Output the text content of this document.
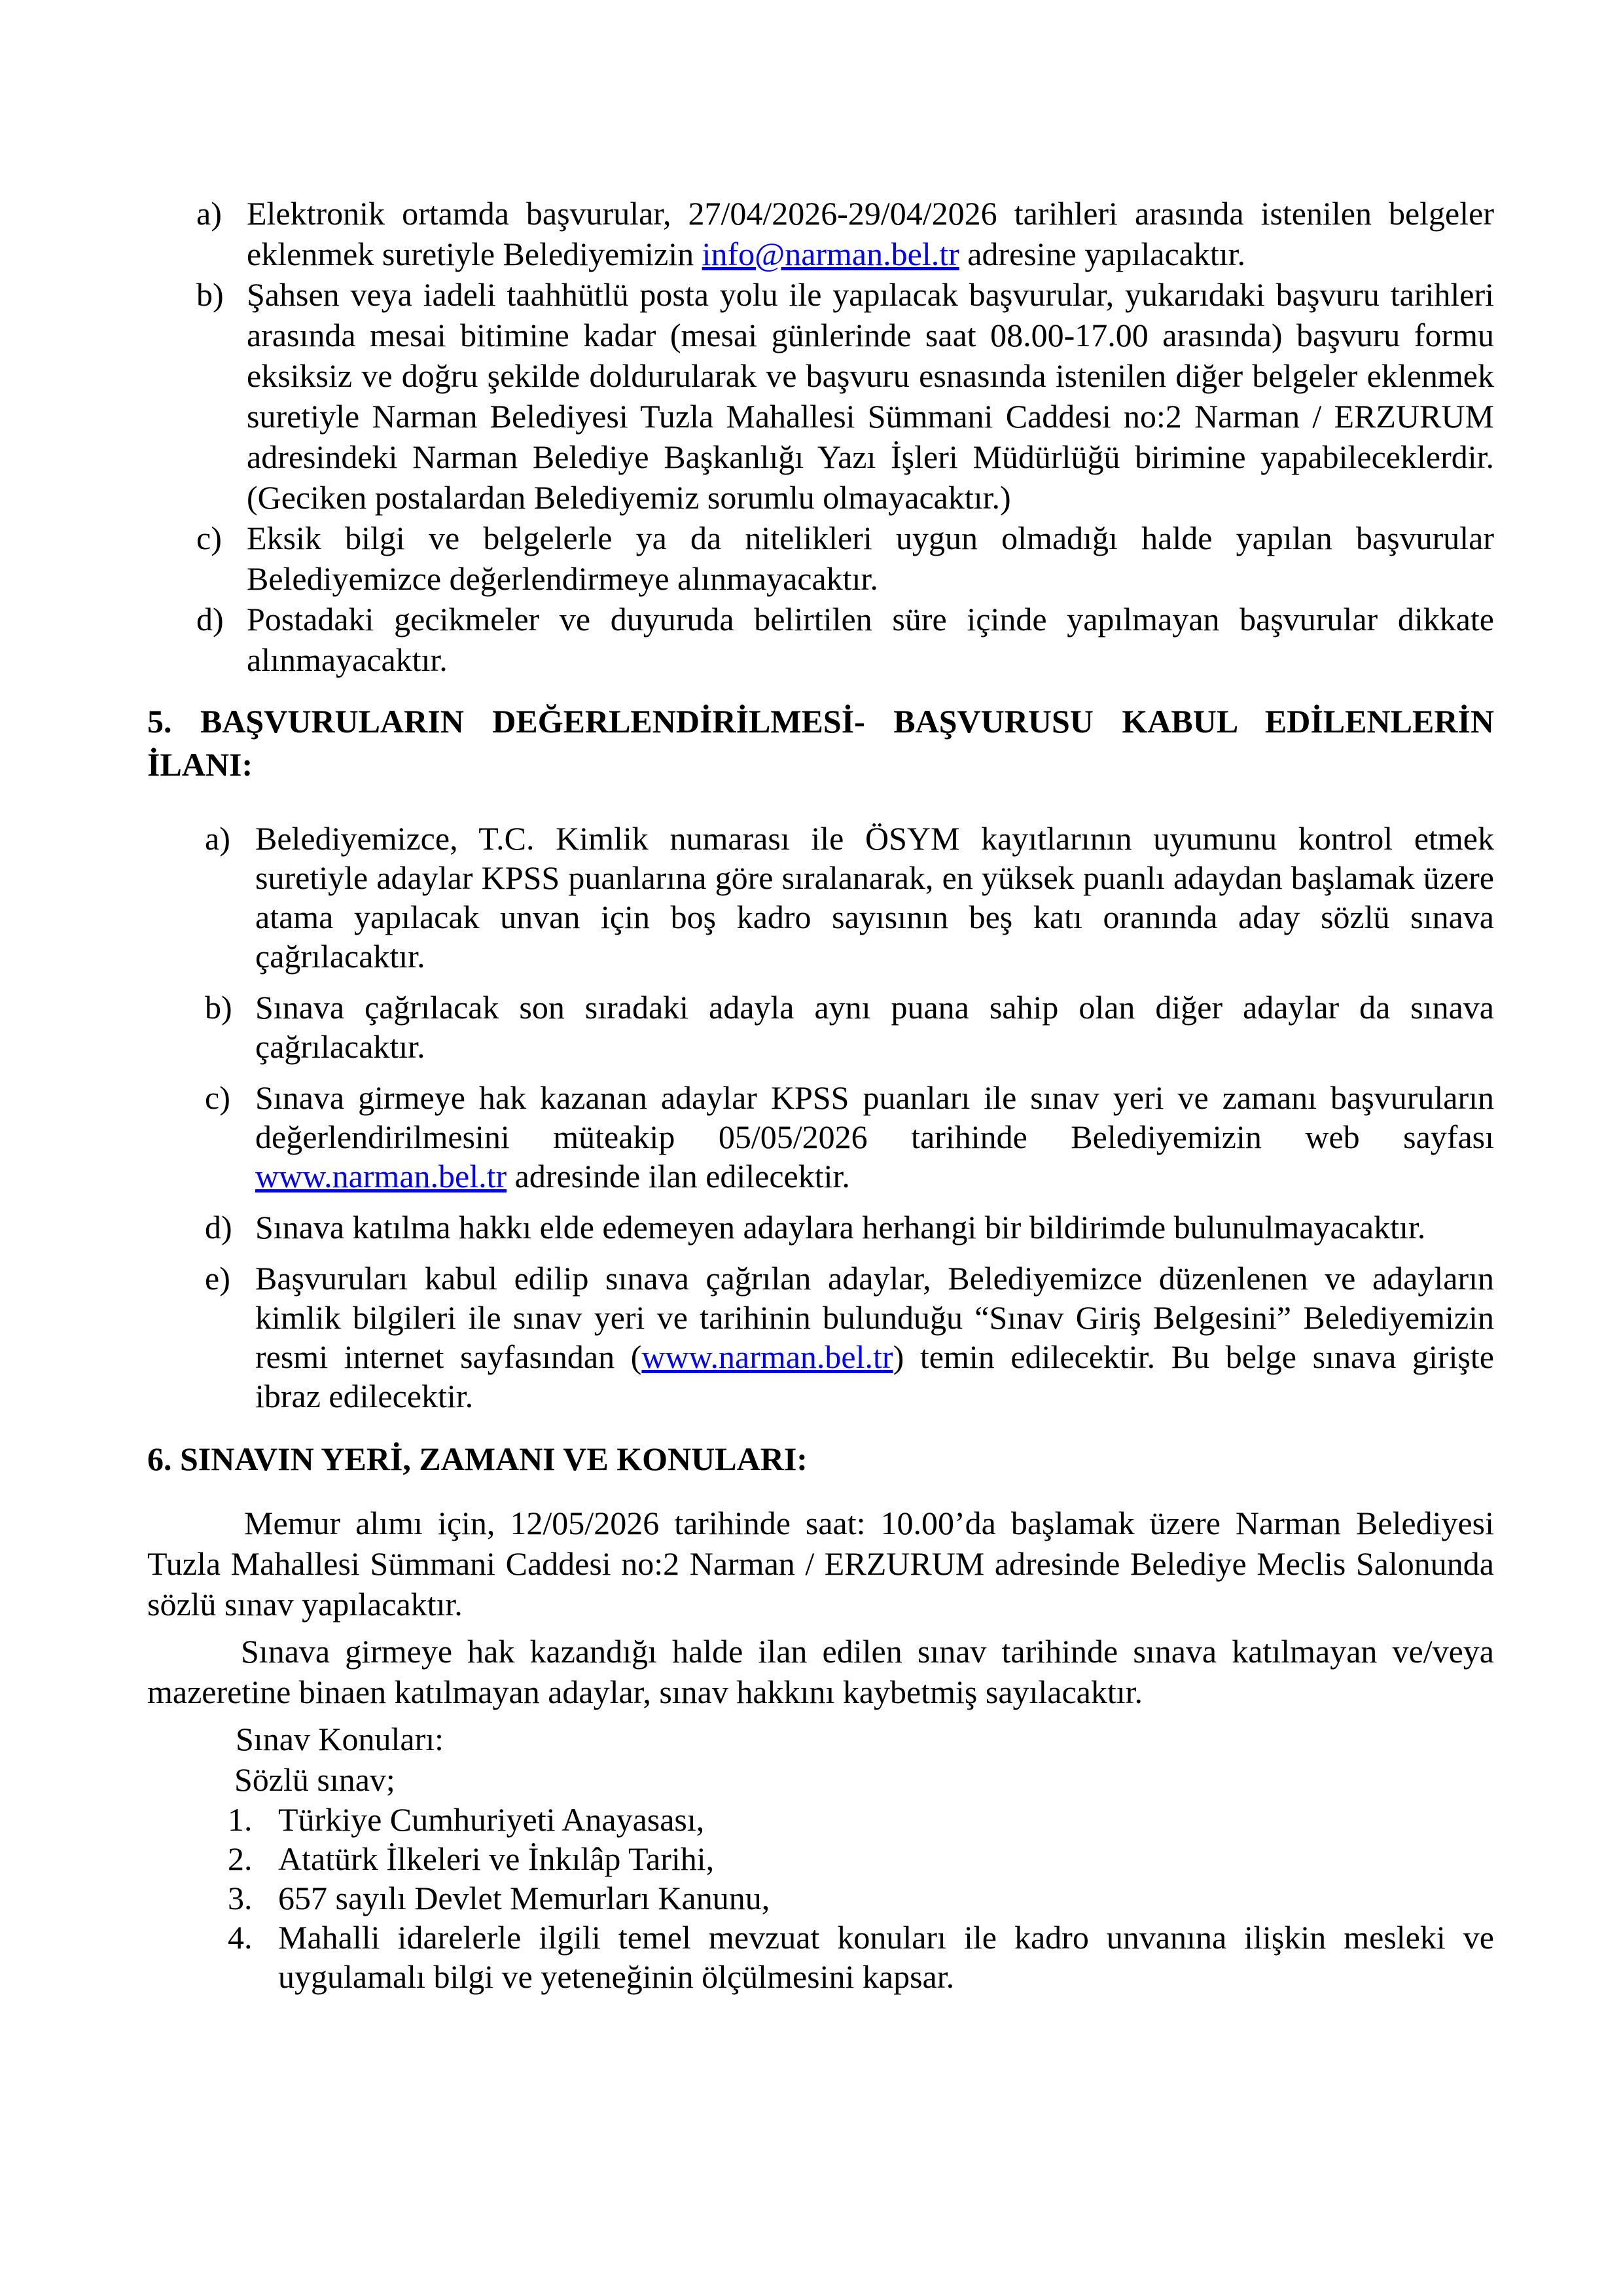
a) Elektronik ortamda başvurular, 27/04/2026-29/04/2026 tarihleri arasında istenilen belgeler eklenmek suretiyle Belediyemizin info@narman.bel.tr adresine yapılacaktır.
b) Şahsen veya iadeli taahhütlü posta yolu ile yapılacak başvurular, yukarıdaki başvuru tarihleri arasında mesai bitimine kadar (mesai günlerinde saat 08.00-17.00 arasında) başvuru formu eksiksiz ve doğru şekilde doldurularak ve başvuru esnasında istenilen diğer belgeler eklenmek suretiyle Narman Belediyesi Tuzla Mahallesi Sümmani Caddesi no:2 Narman / ERZURUM adresindeki Narman Belediye Başkanlığı Yazı İşleri Müdürlüğü birimine yapabileceklerdir. (Geciken postalardan Belediyemiz sorumlu olmayacaktır.)
c) Eksik bilgi ve belgelerle ya da nitelikleri uygun olmadığı halde yapılan başvurular Belediyemizce değerlendirmeye alınmayacaktır.
d) Postadaki gecikmeler ve duyuruda belirtilen süre içinde yapılmayan başvurular dikkate alınmayacaktır.
5. BAŞVURULARIN DEĞERLENDİRİLMESİ- BAŞVURUSU KABUL EDİLENLERİN İLANI:
a) Belediyemizce, T.C. Kimlik numarası ile ÖSYM kayıtlarının uyumunu kontrol etmek suretiyle adaylar KPSS puanlarına göre sıralanarak, en yüksek puanlı adaydan başlamak üzere atama yapılacak unvan için boş kadro sayısının beş katı oranında aday sözlü sınava çağrılacaktır.
b) Sınava çağrılacak son sıradaki adayla aynı puana sahip olan diğer adaylar da sınava çağrılacaktır.
c) Sınava girmeye hak kazanan adaylar KPSS puanları ile sınav yeri ve zamanı başvuruların değerlendirilmesini müteakip 05/05/2026 tarihinde Belediyemizin web sayfası www.narman.bel.tr adresinde ilan edilecektir.
d) Sınava katılma hakkı elde edemeyen adaylara herhangi bir bildirimde bulunulmayacaktır.
e) Başvuruları kabul edilip sınava çağrılan adaylar, Belediyemizce düzenlenen ve adayların kimlik bilgileri ile sınav yeri ve tarihinin bulunduğu “Sınav Giriş Belgesini” Belediyemizin resmi internet sayfasından (www.narman.bel.tr) temin edilecektir. Bu belge sınava girişte ibraz edilecektir.
6. SINAVIN YERİ, ZAMANI VE KONULARI:
Memur alımı için, 12/05/2026 tarihinde saat: 10.00’da başlamak üzere Narman Belediyesi Tuzla Mahallesi Sümmani Caddesi no:2 Narman / ERZURUM adresinde Belediye Meclis Salonunda sözlü sınav yapılacaktır.
Sınava girmeye hak kazandığı halde ilan edilen sınav tarihinde sınava katılmayan ve/veya mazeretine binaen katılmayan adaylar, sınav hakkını kaybetmiş sayılacaktır.
Sınav Konuları:
Sözlü sınav;
1. Türkiye Cumhuriyeti Anayasası,
2. Atatürk İlkeleri ve İnkılâp Tarihi,
3. 657 sayılı Devlet Memurları Kanunu,
4. Mahalli idarelerle ilgili temel mevzuat konuları ile kadro unvanına ilişkin mesleki ve uygulamalı bilgi ve yeteneğinin ölçülmesini kapsar.
